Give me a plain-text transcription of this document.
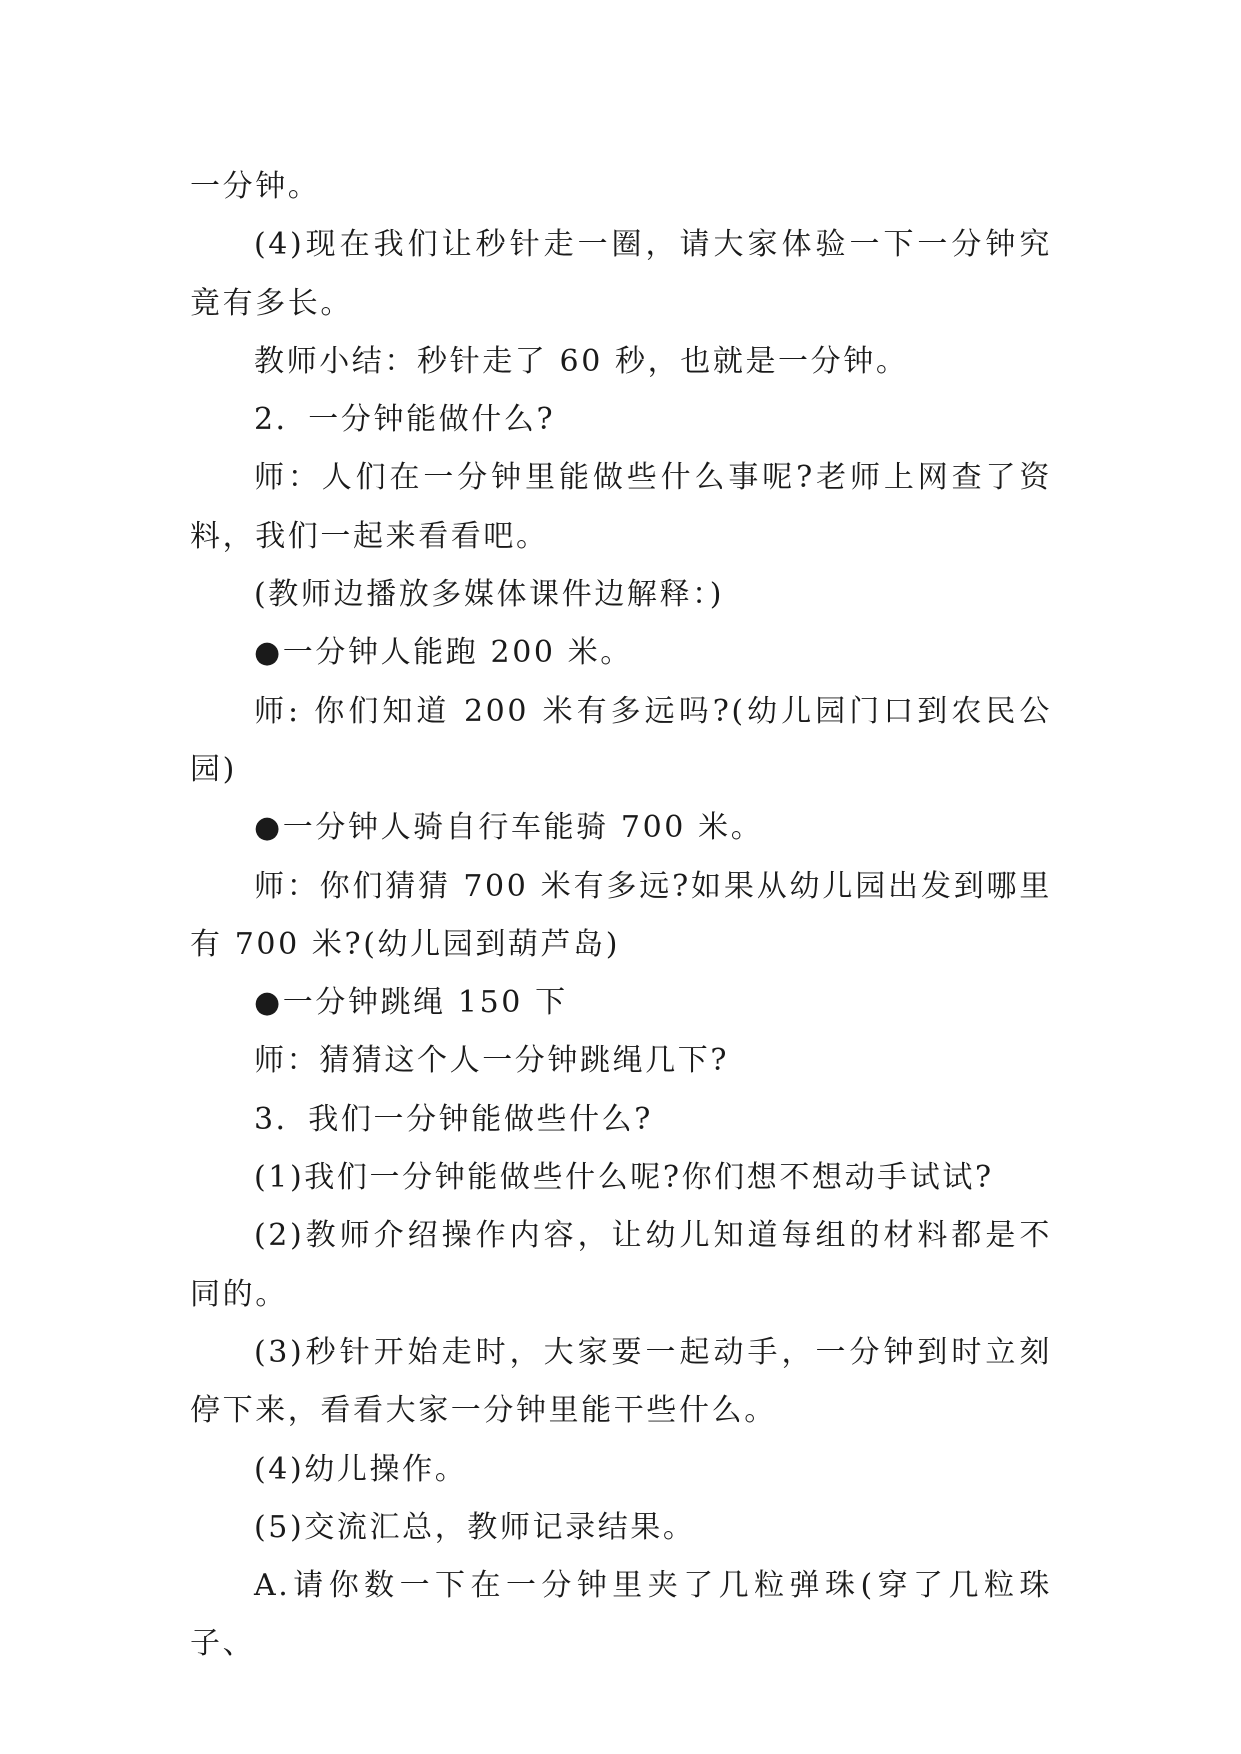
一分钟。

(4)现在我们让秒针走一圈，请大家体验一下一分钟究竟有多长。

教师小结：秒针走了 60 秒，也就是一分钟。

2．一分钟能做什么?

师：人们在一分钟里能做些什么事呢?老师上网查了资料，我们一起来看看吧。

(教师边播放多媒体课件边解释：)

●一分钟人能跑 200 米。

师: 你们知道 200 米有多远吗?(幼儿园门口到农民公园)

●一分钟人骑自行车能骑 700 米。

师：你们猜猜 700 米有多远?如果从幼儿园出发到哪里有 700 米?(幼儿园到葫芦岛)

●一分钟跳绳 150 下

师：猜猜这个人一分钟跳绳几下?

3．我们一分钟能做些什么?

(1)我们一分钟能做些什么呢?你们想不想动手试试?

(2)教师介绍操作内容，让幼儿知道每组的材料都是不同的。

(3)秒针开始走时，大家要一起动手，一分钟到时立刻停下来，看看大家一分钟里能干些什么。

(4)幼儿操作。

(5)交流汇总，教师记录结果。

A.请你数一下在一分钟里夹了几粒弹珠(穿了几粒珠子、
